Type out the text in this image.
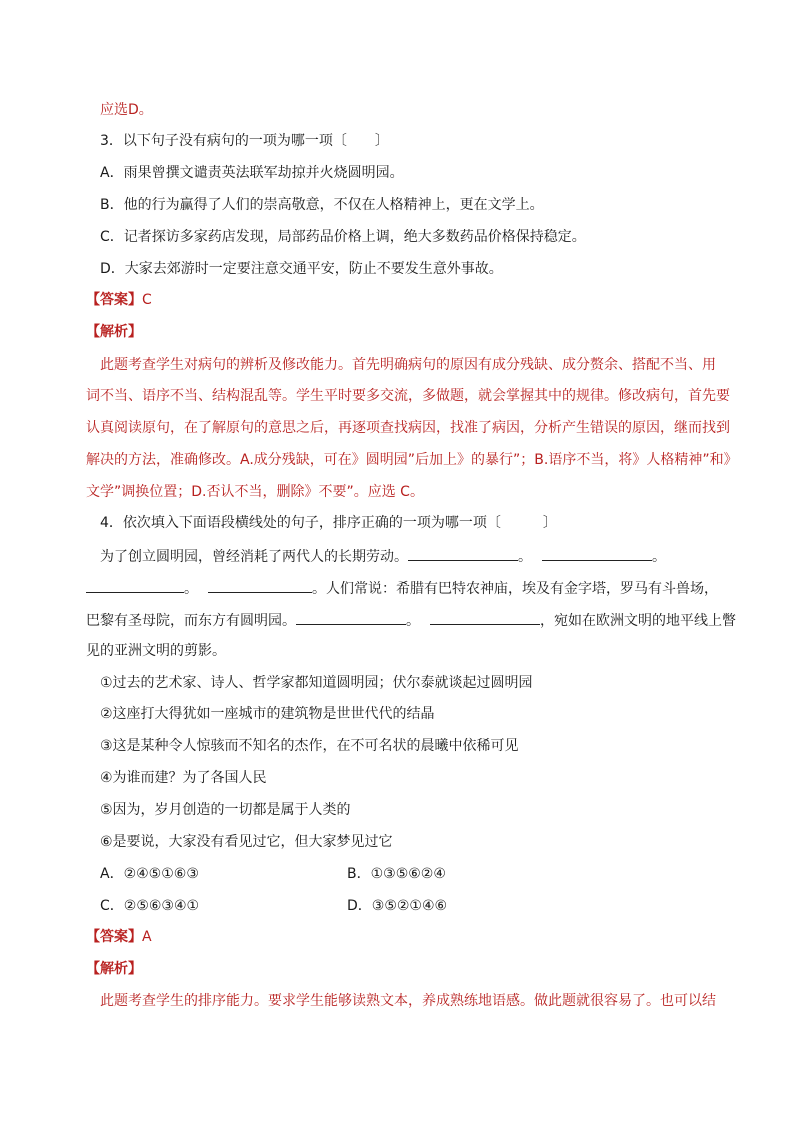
应选D。
3．以下句子没有病句的一项为哪一项〔　　〕
A．雨果曾撰文谴责英法联军劫掠并火烧圆明园。
B．他的行为赢得了人们的崇高敬意，不仅在人格精神上，更在文学上。
C．记者探访多家药店发现，局部药品价格上调，绝大多数药品价格保持稳定。
D．大家去郊游时一定要注意交通平安，防止不要发生意外事故。
【答案】C
【解析】
此题考查学生对病句的辨析及修改能力。首先明确病句的原因有成分残缺、成分赘余、搭配不当、用
词不当、语序不当、结构混乱等。学生平时要多交流，多做题，就会掌握其中的规律。修改病句，首先要
认真阅读原句，在了解原句的意思之后，再逐项查找病因，找准了病因，分析产生错误的原因，继而找到
解决的方法，准确修改。A.成分残缺，可在》圆明园”后加上》的暴行”；B.语序不当，将》人格精神”和》
文学”调换位置；D.否认不当，删除》不要”。应选 C。
4．依次填入下面语段横线处的句子，排序正确的一项为哪一项〔　　　〕
为了创立圆明园，曾经消耗了两代人的长期劳动。	。	。
。	。人们常说：希腊有巴特农神庙，埃及有金字塔，罗马有斗兽场，
巴黎有圣母院，而东方有圆明园。	。	，宛如在欧洲文明的地平线上瞥
见的亚洲文明的剪影。
①过去的艺术家、诗人、哲学家都知道圆明园；伏尔泰就谈起过圆明园
②这座打大得犹如一座城市的建筑物是世世代代的结晶
③这是某种令人惊骇而不知名的杰作，在不可名状的晨曦中依稀可见
④为谁而建？为了各国人民
⑤因为，岁月创造的一切都是属于人类的
⑥是要说，大家没有看见过它，但大家梦见过它
A．②④⑤①⑥③	B．①③⑤⑥②④
C．②⑤⑥③④①	D．③⑤②①④⑥
【答案】A
【解析】
此题考查学生的排序能力。要求学生能够读熟文本，养成熟练地语感。做此题就很容易了。也可以结
